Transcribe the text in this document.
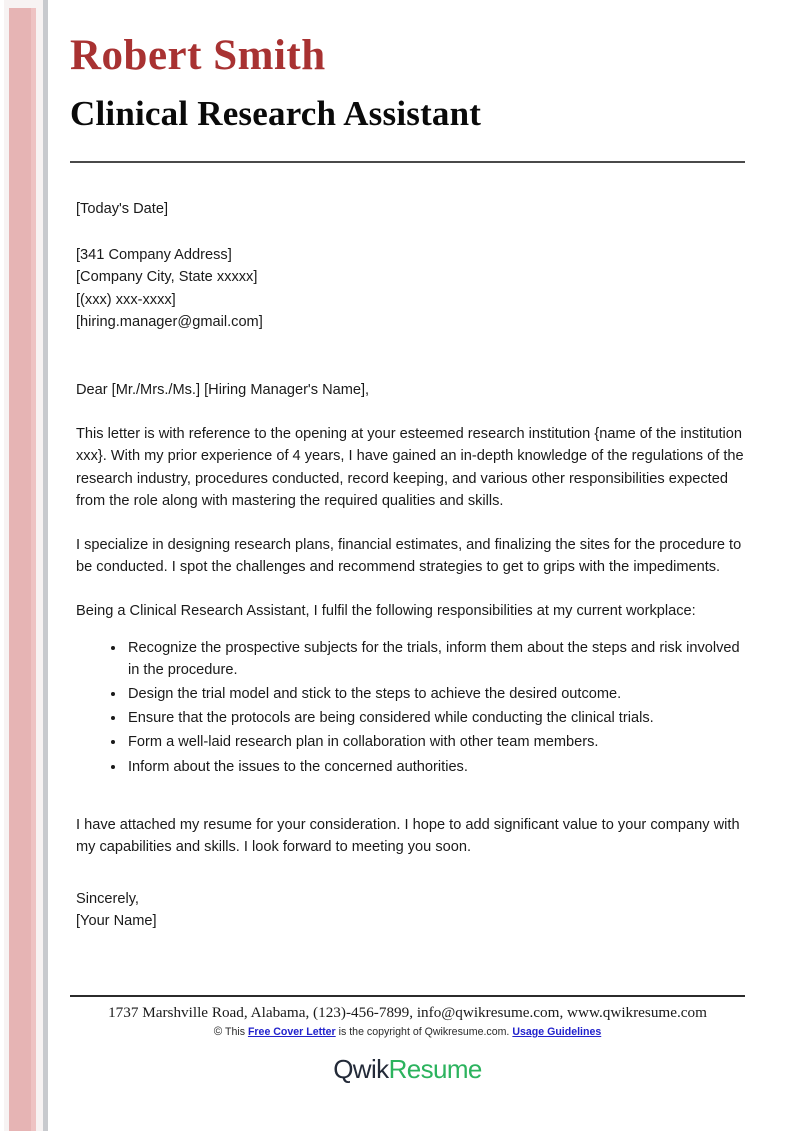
Robert Smith
Clinical Research Assistant
[Today's Date]
[341 Company Address]
[Company City, State xxxxx]
[(xxx) xxx-xxxx]
[hiring.manager@gmail.com]
Dear [Mr./Mrs./Ms.] [Hiring Manager's Name],

This letter is with reference to the opening at your esteemed research institution {name of the institution xxx}. With my prior experience of 4 years, I have gained an in-depth knowledge of the regulations of the research industry, procedures conducted, record keeping, and various other responsibilities expected from the role along with mastering the required qualities and skills.

I specialize in designing research plans, financial estimates, and finalizing the sites for the procedure to be conducted. I spot the challenges and recommend strategies to get to grips with the impediments.

Being a Clinical Research Assistant, I fulfil the following responsibilities at my current workplace:

Recognize the prospective subjects for the trials, inform them about the steps and risk involved in the procedure.
Design the trial model and stick to the steps to achieve the desired outcome.
Ensure that the protocols are being considered while conducting the clinical trials.
Form a well-laid research plan in collaboration with other team members.
Inform about the issues to the concerned authorities.

I have attached my resume for your consideration. I hope to add significant value to your company with my capabilities and skills. I look forward to meeting you soon.

Sincerely,
[Your Name]
1737 Marshville Road, Alabama, (123)-456-7899, info@qwikresume.com, www.qwikresume.com
© This Free Cover Letter is the copyright of Qwikresume.com. Usage Guidelines
QwikResume
